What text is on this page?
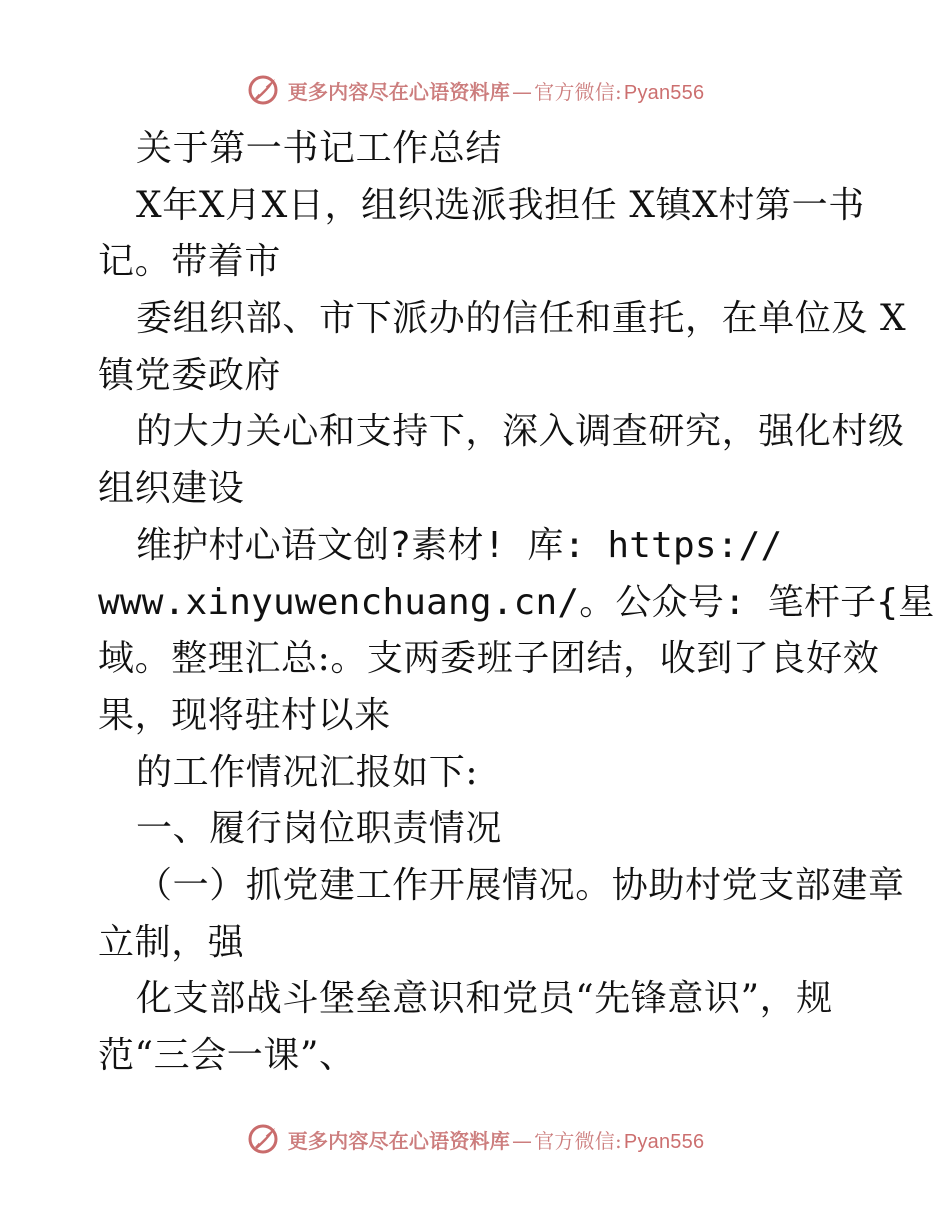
更多内容尽在心语资料库 — 官方微信 : Pyan556
关于第一书记工作总结
X年X月X日，组织选派我担任 X镇X村第一书
记。带着市
委组织部、市下派办的信任和重托，在单位及 X
镇党委政府
的大力关心和支持下，深入调查研究，强化村级
组织建设
维护村心语文创?素材! 库: https://
www.xinyuwenchuang.cn/。公众号: 笔杆子{星
域。整理汇总:。支两委班子团结，收到了良好效
果，现将驻村以来
的工作情况汇报如下:
一、履行岗位职责情况
（一）抓党建工作开展情况。协助村党支部建章
立制，强
化支部战斗堡垒意识和党员“先锋意识”，规
范“三会一课”、
更多内容尽在心语资料库 — 官方微信 : Pyan556
